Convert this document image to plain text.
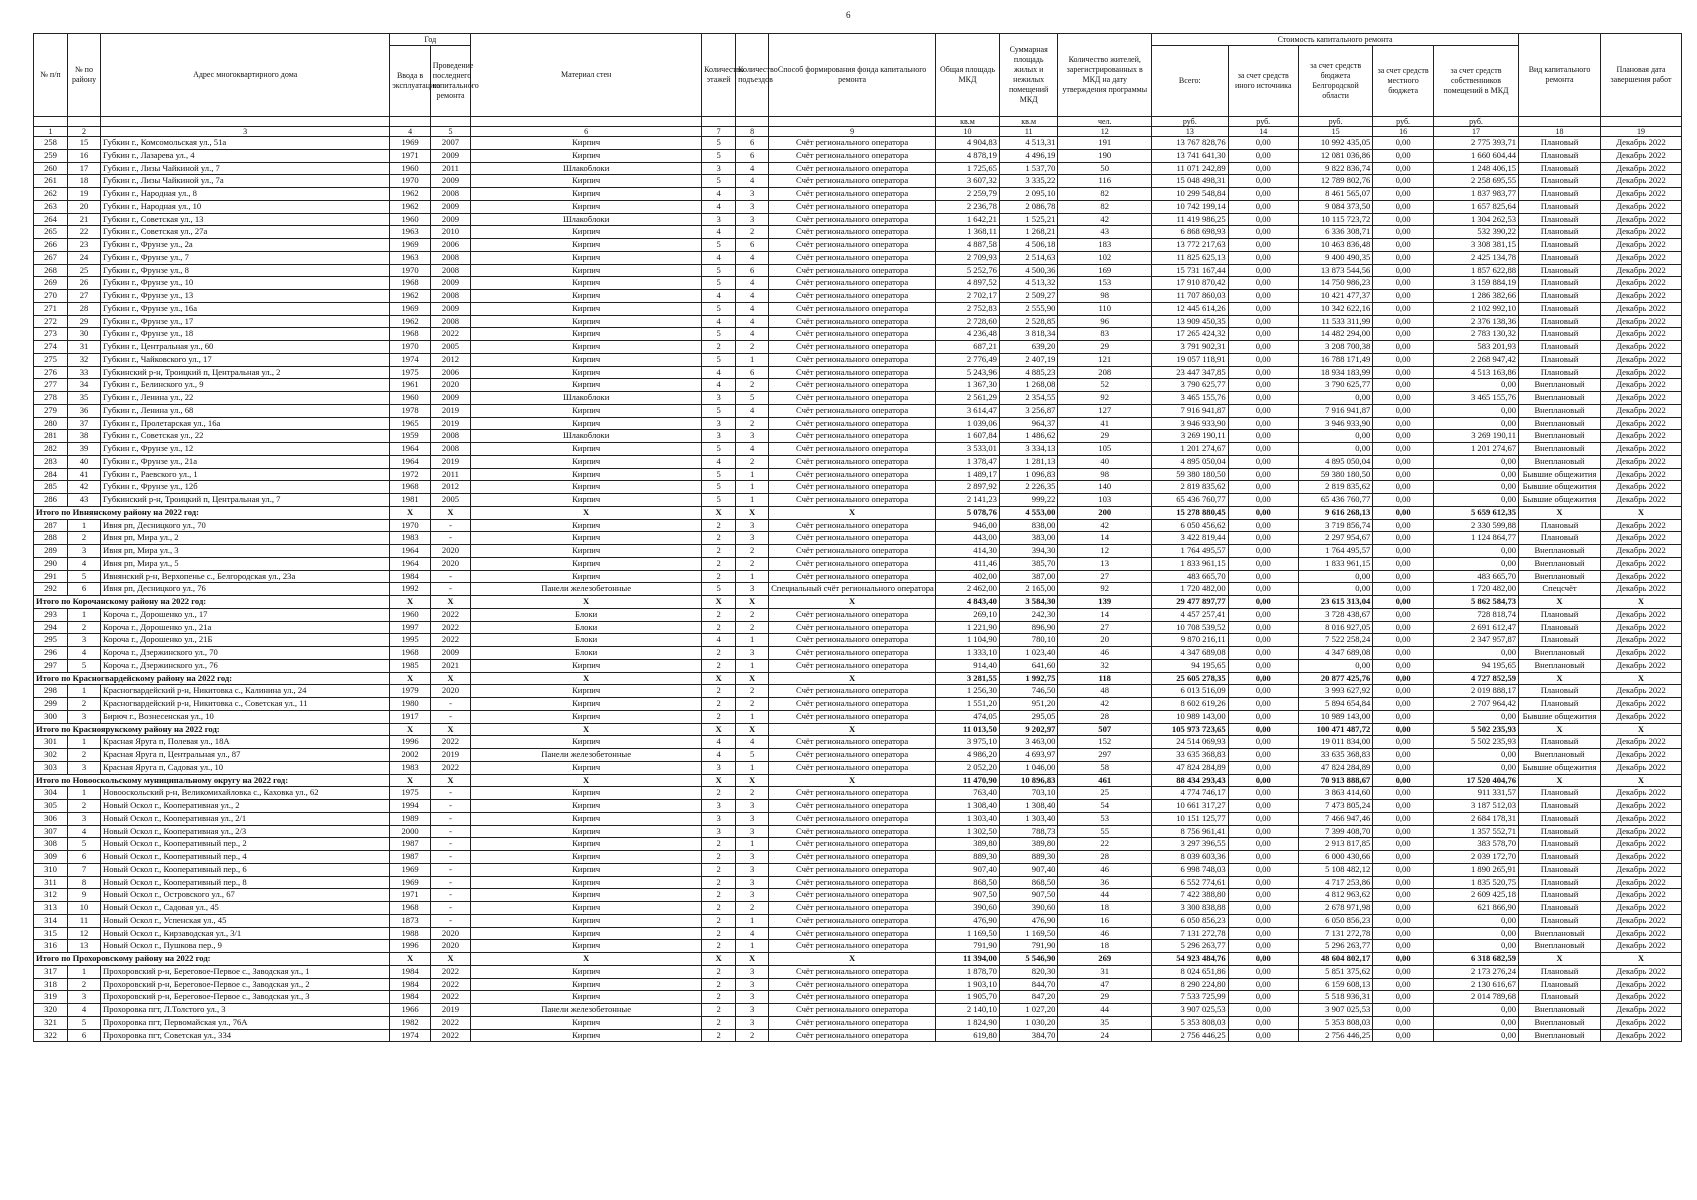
6
№ п/п	№ по району	Адрес многоквартирного дома	Год		Материал стен	Количество этажей	Количество подъездов	Способ формирования фонда капитального ремонта	Общая площадь МКД	Суммарная площадь жилых и нежилых помещений МКД	Количество жителей, зарегистрированных в МКД на дату утверждения программы	Стоимость капитального ремонта					Вид капитального ремонта	Плановая дата завершения работ
			Ввода в эксплуатацию	Проведение последнего капитального ремонта								Всего:	за счет средств иного источника	за счет средств бюджета Белгородской области	за счет средств местного бюджета	за счет средств собственников помещений в МКД		

									кв.м	кв.м	чел.	руб.	руб.	руб.	руб.	руб.		
1	2	3	4	5	6	7	8	9	10	11	12	13	14	15	16	17	18	19
258	15	Губкин г., Комсомольская ул., 51а	1969	2007	Кирпич	5	6	Счёт регионального оператора	4 904,83	4 513,31	191	13 767 828,76	0,00	10 992 435,05	0,00	2 775 393,71	Плановый	Декабрь 2022
259	16	Губкин г., Лазарева ул., 4	1971	2009	Кирпич	5	6	Счёт регионального оператора	4 878,19	4 496,19	190	13 741 641,30	0,00	12 081 036,86	0,00	1 660 604,44	Плановый	Декабрь 2022
260	17	Губкин г., Лизы Чайкиной ул., 7	1960	2011	Шлакоблоки	3	4	Счёт регионального оператора	1 725,65	1 537,70	50	11 071 242,89	0,00	9 822 836,74	0,00	1 248 406,15	Плановый	Декабрь 2022
261	18	Губкин г., Лизы Чайкиной ул., 7а	1970	2009	Кирпич	5	4	Счёт регионального оператора	3 607,32	3 335,22	116	15 048 498,31	0,00	12 789 802,76	0,00	2 258 695,55	Плановый	Декабрь 2022
262	19	Губкин г., Народная ул., 8	1962	2008	Кирпич	4	3	Счёт регионального оператора	2 259,79	2 095,10	82	10 299 548,84	0,00	8 461 565,07	0,00	1 837 983,77	Плановый	Декабрь 2022
263	20	Губкин г., Народная ул., 10	1962	2009	Кирпич	4	3	Счёт регионального оператора	2 236,78	2 086,78	82	10 742 199,14	0,00	9 084 373,50	0,00	1 657 825,64	Плановый	Декабрь 2022
264	21	Губкин г., Советская ул., 13	1960	2009	Шлакоблоки	3	3	Счёт регионального оператора	1 642,21	1 525,21	42	11 419 986,25	0,00	10 115 723,72	0,00	1 304 262,53	Плановый	Декабрь 2022
265	22	Губкин г., Советская ул., 27а	1963	2010	Кирпич	4	2	Счёт регионального оператора	1 368,11	1 268,21	43	6 868 698,93	0,00	6 336 308,71	0,00	532 390,22	Плановый	Декабрь 2022
266	23	Губкин г., Фрунзе ул., 2а	1969	2006	Кирпич	5	6	Счёт регионального оператора	4 887,58	4 506,18	183	13 772 217,63	0,00	10 463 836,48	0,00	3 308 381,15	Плановый	Декабрь 2022
267	24	Губкин г., Фрунзе ул., 7	1963	2008	Кирпич	4	4	Счёт регионального оператора	2 709,93	2 514,63	102	11 825 625,13	0,00	9 400 490,35	0,00	2 425 134,78	Плановый	Декабрь 2022
268	25	Губкин г., Фрунзе ул., 8	1970	2008	Кирпич	5	6	Счёт регионального оператора	5 252,76	4 500,36	169	15 731 167,44	0,00	13 873 544,56	0,00	1 857 622,88	Плановый	Декабрь 2022
269	26	Губкин г., Фрунзе ул., 10	1968	2009	Кирпич	5	4	Счёт регионального оператора	4 897,52	4 513,32	153	17 910 870,42	0,00	14 750 986,23	0,00	3 159 884,19	Плановый	Декабрь 2022
270	27	Губкин г., Фрунзе ул., 13	1962	2008	Кирпич	4	4	Счёт регионального оператора	2 702,17	2 509,27	98	11 707 860,03	0,00	10 421 477,37	0,00	1 286 382,66	Плановый	Декабрь 2022
271	28	Губкин г., Фрунзе ул., 16а	1969	2009	Кирпич	5	4	Счёт регионального оператора	2 752,83	2 555,90	110	12 445 614,26	0,00	10 342 622,16	0,00	2 102 992,10	Плановый	Декабрь 2022
272	29	Губкин г., Фрунзе ул., 17	1962	2008	Кирпич	4	4	Счёт регионального оператора	2 728,60	2 528,85	96	13 909 450,35	0,00	11 533 311,99	0,00	2 376 138,36	Плановый	Декабрь 2022
273	30	Губкин г., Фрунзе ул., 18	1968	2022	Кирпич	5	4	Счёт регионального оператора	4 236,48	3 818,34	83	17 265 424,32	0,00	14 482 294,00	0,00	2 783 130,32	Плановый	Декабрь 2022
274	31	Губкин г., Центральная ул., 60	1970	2005	Кирпич	2	2	Счёт регионального оператора	687,21	639,20	29	3 791 902,31	0,00	3 208 700,38	0,00	583 201,93	Плановый	Декабрь 2022
275	32	Губкин г., Чайковского ул., 17	1974	2012	Кирпич	5	1	Счёт регионального оператора	2 776,49	2 407,19	121	19 057 118,91	0,00	16 788 171,49	0,00	2 268 947,42	Плановый	Декабрь 2022
276	33	Губкинский р-н, Троицкий п, Центральная ул., 2	1975	2006	Кирпич	4	6	Счёт регионального оператора	5 243,96	4 885,23	208	23 447 347,85	0,00	18 934 183,99	0,00	4 513 163,86	Плановый	Декабрь 2022
277	34	Губкин г., Белинского ул., 9	1961	2020	Кирпич	4	2	Счёт регионального оператора	1 367,30	1 268,08	52	3 790 625,77	0,00	3 790 625,77	0,00	0,00	Внеплановый	Декабрь 2022
278	35	Губкин г., Ленина ул., 22	1960	2009	Шлакоблоки	3	5	Счёт регионального оператора	2 561,29	2 354,55	92	3 465 155,76	0,00	0,00	0,00	3 465 155,76	Внеплановый	Декабрь 2022
279	36	Губкин г., Ленина ул., 68	1978	2019	Кирпич	5	4	Счёт регионального оператора	3 614,47	3 256,87	127	7 916 941,87	0,00	7 916 941,87	0,00	0,00	Внеплановый	Декабрь 2022
280	37	Губкин г., Пролетарская ул., 16а	1965	2019	Кирпич	3	2	Счёт регионального оператора	1 039,06	964,37	41	3 946 933,90	0,00	3 946 933,90	0,00	0,00	Внеплановый	Декабрь 2022
281	38	Губкин г., Советская ул., 22	1959	2008	Шлакоблоки	3	3	Счёт регионального оператора	1 607,84	1 486,62	29	3 269 190,11	0,00	0,00	0,00	3 269 190,11	Внеплановый	Декабрь 2022
282	39	Губкин г., Фрунзе ул., 12	1964	2008	Кирпич	5	4	Счёт регионального оператора	3 533,01	3 334,13	105	1 201 274,67	0,00	0,00	0,00	1 201 274,67	Внеплановый	Декабрь 2022
283	40	Губкин г., Фрунзе ул., 21а	1964	2019	Кирпич	4	2	Счёт регионального оператора	1 378,47	1 281,13	40	4 895 050,04	0,00	4 895 050,04	0,00	0,00	Внеплановый	Декабрь 2022
284	41	Губкин г., Раевского ул., 1	1972	2011	Кирпич	5	1	Счёт регионального оператора	1 489,17	1 096,83	98	59 380 180,50	0,00	59 380 180,50	0,00	0,00	Бывшие общежития	Декабрь 2022
285	42	Губкин г., Фрунзе ул., 12б	1968	2012	Кирпич	5	1	Счёт регионального оператора	2 897,92	2 226,35	140	2 819 835,62	0,00	2 819 835,62	0,00	0,00	Бывшие общежития	Декабрь 2022
286	43	Губкинский р-н, Троицкий п, Центральная ул., 7	1981	2005	Кирпич	5	1	Счёт регионального оператора	2 141,23	999,22	103	65 436 760,77	0,00	65 436 760,77	0,00	0,00	Бывшие общежития	Декабрь 2022
Итого по Ивнянскому району на 2022 год:			X	X	X	X	X	X	5 078,76	4 553,00	200	15 278 880,45	0,00	9 616 268,13	0,00	5 659 612,35	X	X
287	1	Ивня рп, Десницкого ул., 70	1970	-	Кирпич	2	3	Счёт регионального оператора	946,00	838,00	42	6 050 456,62	0,00	3 719 856,74	0,00	2 330 599,88	Плановый	Декабрь 2022
288	2	Ивня рп, Мира ул., 2	1983	-	Кирпич	2	3	Счёт регионального оператора	443,00	383,00	14	3 422 819,44	0,00	2 297 954,67	0,00	1 124 864,77	Плановый	Декабрь 2022
289	3	Ивня рп, Мира ул., 3	1964	2020	Кирпич	2	2	Счёт регионального оператора	414,30	394,30	12	1 764 495,57	0,00	1 764 495,57	0,00	0,00	Внеплановый	Декабрь 2022
290	4	Ивня рп, Мира ул., 5	1964	2020	Кирпич	2	2	Счёт регионального оператора	411,46	385,70	13	1 833 961,15	0,00	1 833 961,15	0,00	0,00	Внеплановый	Декабрь 2022
291	5	Ивнянский р-н, Верхопенье с., Белгородская ул., 23а	1984	-	Кирпич	2	1	Счёт регионального оператора	402,00	387,00	27	483 665,70	0,00	0,00	0,00	483 665,70	Внеплановый	Декабрь 2022
292	6	Ивня рп, Десницкого ул., 76	1992	-	Панели железобетонные	5	3	Специальный счёт регионального оператора	2 462,00	2 165,00	92	1 720 482,00	0,00	0,00	0,00	1 720 482,00	Спецсчёт	Декабрь 2022
Итого по Корочанскому району на 2022 год:			X	X	X	X	X	X	4 843,40	3 584,30	139	29 477 897,77	0,00	23 615 313,04	0,00	5 862 584,73	X	X
293	1	Короча г., Дорошенко ул., 17	1960	2022	Блоки	2	2	Счёт регионального оператора	269,10	242,30	14	4 457 257,41	0,00	3 728 438,67	0,00	728 818,74	Плановый	Декабрь 2022
294	2	Короча г., Дорошенко ул., 21а	1997	2022	Блоки	2	2	Счёт регионального оператора	1 221,90	896,90	27	10 708 539,52	0,00	8 016 927,05	0,00	2 691 612,47	Плановый	Декабрь 2022
295	3	Короча г., Дорошенко ул., 21Б	1995	2022	Блоки	4	1	Счёт регионального оператора	1 104,90	780,10	20	9 870 216,11	0,00	7 522 258,24	0,00	2 347 957,87	Плановый	Декабрь 2022
296	4	Короча г., Дзержинского ул., 70	1968	2009	Блоки	2	3	Счёт регионального оператора	1 333,10	1 023,40	46	4 347 689,08	0,00	4 347 689,08	0,00	0,00	Внеплановый	Декабрь 2022
297	5	Короча г., Дзержинского ул., 76	1985	2021	Кирпич	2	1	Счёт регионального оператора	914,40	641,60	32	94 195,65	0,00	0,00	0,00	94 195,65	Внеплановый	Декабрь 2022
Итого по Красногвардейскому району на 2022 год:			X	X	X	X	X	X	3 281,55	1 992,75	118	25 605 278,35	0,00	20 877 425,76	0,00	4 727 852,59	X	X
298	1	Красногвардейский р-н, Никитовка с., Калинина ул., 24	1979	2020	Кирпич	2	2	Счёт регионального оператора	1 256,30	746,50	48	6 013 516,09	0,00	3 993 627,92	0,00	2 019 888,17	Плановый	Декабрь 2022
299	2	Красногвардейский р-н, Никитовка с., Советская ул., 11	1980	-	Кирпич	2	2	Счёт регионального оператора	1 551,20	951,20	42	8 602 619,26	0,00	5 894 654,84	0,00	2 707 964,42	Плановый	Декабрь 2022
300	3	Бирюч г., Вознесенская ул., 10	1917	-	Кирпич	2	1	Счёт регионального оператора	474,05	295,05	28	10 989 143,00	0,00	10 989 143,00	0,00	0,00	Бывшие общежития	Декабрь 2022
Итого по Красноярукскому району на 2022 год:			X	X	X	X	X	X	11 013,50	9 202,97	507	105 973 723,65	0,00	100 471 487,72	0,00	5 502 235,93	X	X
301	1	Красная Яруга п, Полевая ул., 18А	1996	2022	Кирпич	4	4	Счёт регионального оператора	3 975,10	3 463,00	152	24 514 069,93	0,00	19 011 834,00	0,00	5 502 235,93	Плановый	Декабрь 2022
302	2	Красная Яруга п, Центральная ул., 87	2002	2019	Панели железобетонные	4	5	Счёт регионального оператора	4 986,20	4 693,97	297	33 635 368,83	0,00	33 635 368,83	0,00	0,00	Внеплановый	Декабрь 2022
303	3	Красная Яруга п, Садовая ул., 10	1983	2022	Кирпич	3	1	Счёт регионального оператора	2 052,20	1 046,00	58	47 824 284,89	0,00	47 824 284,89	0,00	0,00	Бывшие общежития	Декабрь 2022
Итого по Новооскольскому муниципальному округу на 2022 год:			X	X	X	X	X	X	11 470,90	10 896,83	461	88 434 293,43	0,00	70 913 888,67	0,00	17 520 404,76	X	X
304	1	Новооскольский р-н, Великомихайловка с., Каховка ул., 62	1975	-	Кирпич	2	2	Счёт регионального оператора	763,40	703,10	25	4 774 746,17	0,00	3 863 414,60	0,00	911 331,57	Плановый	Декабрь 2022
305	2	Новый Оскол г., Кооперативная ул., 2	1994	-	Кирпич	3	3	Счёт регионального оператора	1 308,40	1 308,40	54	10 661 317,27	0,00	7 473 805,24	0,00	3 187 512,03	Плановый	Декабрь 2022
306	3	Новый Оскол г., Кооперативная ул., 2/1	1989	-	Кирпич	3	3	Счёт регионального оператора	1 303,40	1 303,40	53	10 151 125,77	0,00	7 466 947,46	0,00	2 684 178,31	Плановый	Декабрь 2022
307	4	Новый Оскол г., Кооперативная ул., 2/3	2000	-	Кирпич	3	3	Счёт регионального оператора	1 302,50	788,73	55	8 756 961,41	0,00	7 399 408,70	0,00	1 357 552,71	Плановый	Декабрь 2022
308	5	Новый Оскол г., Кооперативный пер., 2	1987	-	Кирпич	2	1	Счёт регионального оператора	389,80	389,80	22	3 297 396,55	0,00	2 913 817,85	0,00	383 578,70	Плановый	Декабрь 2022
309	6	Новый Оскол г., Кооперативный пер., 4	1987	-	Кирпич	2	3	Счёт регионального оператора	889,30	889,30	28	8 039 603,36	0,00	6 000 430,66	0,00	2 039 172,70	Плановый	Декабрь 2022
310	7	Новый Оскол г., Кооперативный пер., 6	1969	-	Кирпич	2	3	Счёт регионального оператора	907,40	907,40	46	6 998 748,03	0,00	5 108 482,12	0,00	1 890 265,91	Плановый	Декабрь 2022
311	8	Новый Оскол г., Кооперативный пер., 8	1969	-	Кирпич	2	3	Счёт регионального оператора	868,50	868,50	36	6 552 774,61	0,00	4 717 253,86	0,00	1 835 520,75	Плановый	Декабрь 2022
312	9	Новый Оскол г., Островского ул., 67	1971	-	Кирпич	2	3	Счёт регионального оператора	907,50	907,50	44	7 422 388,80	0,00	4 812 963,62	0,00	2 609 425,18	Плановый	Декабрь 2022
313	10	Новый Оскол г., Садовая ул., 45	1968	-	Кирпич	2	2	Счёт регионального оператора	390,60	390,60	18	3 300 838,88	0,00	2 678 971,98	0,00	621 866,90	Плановый	Декабрь 2022
314	11	Новый Оскол г., Успенская ул., 45	1873	-	Кирпич	2	1	Счёт регионального оператора	476,90	476,90	16	6 050 856,23	0,00	6 050 856,23	0,00	0,00	Плановый	Декабрь 2022
315	12	Новый Оскол г., Кирзаводская ул., 3/1	1988	2020	Кирпич	2	4	Счёт регионального оператора	1 169,50	1 169,50	46	7 131 272,78	0,00	7 131 272,78	0,00	0,00	Внеплановый	Декабрь 2022
316	13	Новый Оскол г., Пушкова пер., 9	1996	2020	Кирпич	2	1	Счёт регионального оператора	791,90	791,90	18	5 296 263,77	0,00	5 296 263,77	0,00	0,00	Внеплановый	Декабрь 2022
Итого по Прохоровскому району на 2022 год:			X	X	X	X	X	X	11 394,00	5 546,90	269	54 923 484,76	0,00	48 604 802,17	0,00	6 318 682,59	X	X
317	1	Прохоровский р-н, Береговое-Первое с., Заводская ул., 1	1984	2022	Кирпич	2	3	Счёт регионального оператора	1 878,70	820,30	31	8 024 651,86	0,00	5 851 375,62	0,00	2 173 276,24	Плановый	Декабрь 2022
318	2	Прохоровский р-н, Береговое-Первое с., Заводская ул., 2	1984	2022	Кирпич	2	3	Счёт регионального оператора	1 903,10	844,70	47	8 290 224,80	0,00	6 159 608,13	0,00	2 130 616,67	Плановый	Декабрь 2022
319	3	Прохоровский р-н, Береговое-Первое с., Заводская ул., 3	1984	2022	Кирпич	2	3	Счёт регионального оператора	1 905,70	847,20	29	7 533 725,99	0,00	5 518 936,31	0,00	2 014 789,68	Плановый	Декабрь 2022
320	4	Прохоровка пгт, Л.Толстого ул., 3	1966	2019	Панели железобетонные	2	3	Счёт регионального оператора	2 140,10	1 027,20	44	3 907 025,53	0,00	3 907 025,53	0,00	0,00	Внеплановый	Декабрь 2022
321	5	Прохоровка пгт, Первомайская ул., 76А	1982	2022	Кирпич	2	3	Счёт регионального оператора	1 824,90	1 030,20	35	5 353 808,03	0,00	5 353 808,03	0,00	0,00	Внеплановый	Декабрь 2022
322	6	Прохоровка пгт, Советская ул., 334	1974	2022	Кирпич	2	2	Счёт регионального оператора	619,80	384,70	24	2 756 446,25	0,00	2 756 446,25	0,00	0,00	Внеплановый	Декабрь 2022
